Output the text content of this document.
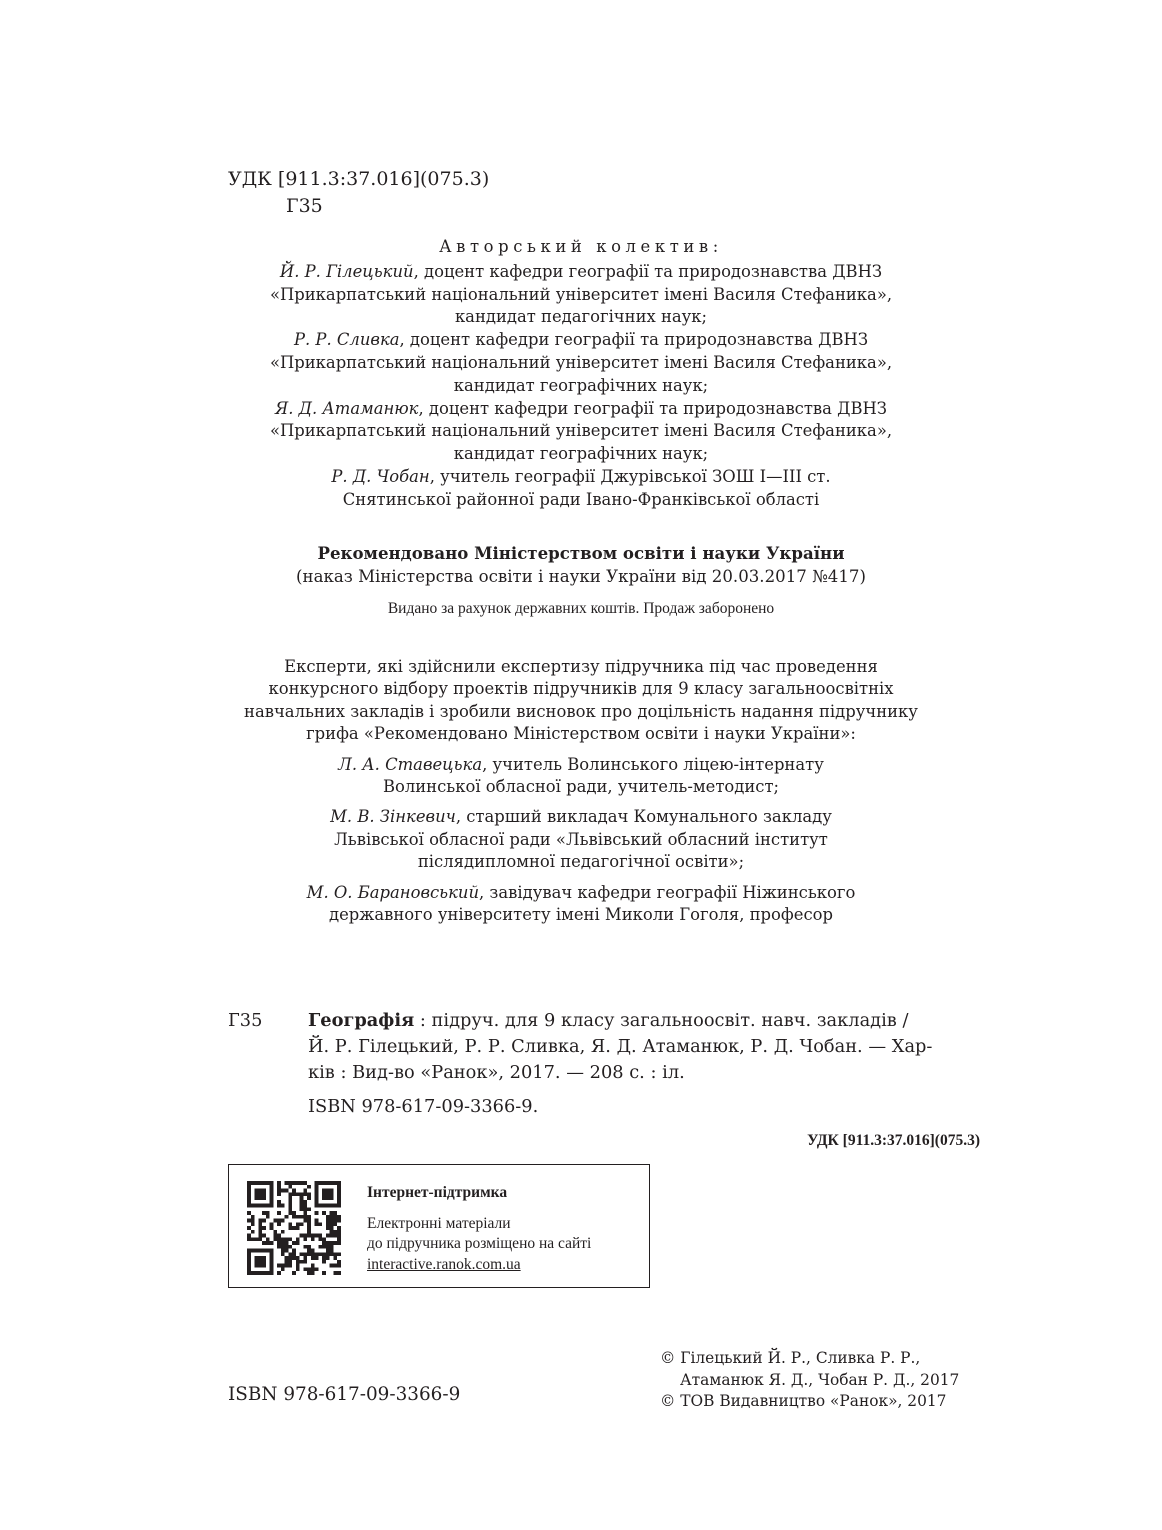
УДК [911.3:37.016](075.3)
Г35
Авторський колектив:
Й. Р. Гілецький, доцент кафедри географії та природознавства ДВНЗ
«Прикарпатський національний університет імені Василя Стефаника»,
кандидат педагогічних наук;
Р. Р. Сливка, доцент кафедри географії та природознавства ДВНЗ
«Прикарпатський національний університет імені Василя Стефаника»,
кандидат географічних наук;
Я. Д. Атаманюк, доцент кафедри географії та природознавства ДВНЗ
«Прикарпатський національний університет імені Василя Стефаника»,
кандидат географічних наук;
Р. Д. Чобан, учитель географії Джурівської ЗОШ І—ІІІ ст.
Снятинської районної ради Івано-Франківської області
Рекомендовано Міністерством освіти і науки України
(наказ Міністерства освіти і науки України від 20.03.2017 №417)
Видано за рахунок державних коштів. Продаж заборонено
Експерти, які здійснили експертизу підручника під час проведення
конкурсного відбору проектів підручників для 9 класу загальноосвітніх
навчальних закладів і зробили висновок про доцільність надання підручнику
грифа «Рекомендовано Міністерством освіти і науки України»:
Л. А. Ставецька, учитель Волинського ліцею-інтернату
Волинської обласної ради, учитель-методист;
М. В. Зінкевич, старший викладач Комунального закладу
Львівської обласної ради «Львівський обласний інститут
післядипломної педагогічної освіти»;
М. О. Барановський, завідувач кафедри географії Ніжинського
державного університету імені Миколи Гоголя, професор
Г35	Географія : підруч. для 9 класу загальноосвіт. навч. закладів /
Й. Р. Гілецький, Р. Р. Сливка, Я. Д. Атаманюк, Р. Д. Чобан. — Хар-
ків : Вид-во «Ранок», 2017. — 208 с. : іл.
ISBN 978-617-09-3366-9.
УДК [911.3:37.016](075.3)
Інтернет-підтримка
Електронні матеріали
до підручника розміщено на сайті
interactive.ranok.com.ua
ISBN 978-617-09-3366-9
© Гілецький Й. Р., Сливка Р. Р.,
Атаманюк Я. Д., Чобан Р. Д., 2017
© ТОВ Видавництво «Ранок», 2017
